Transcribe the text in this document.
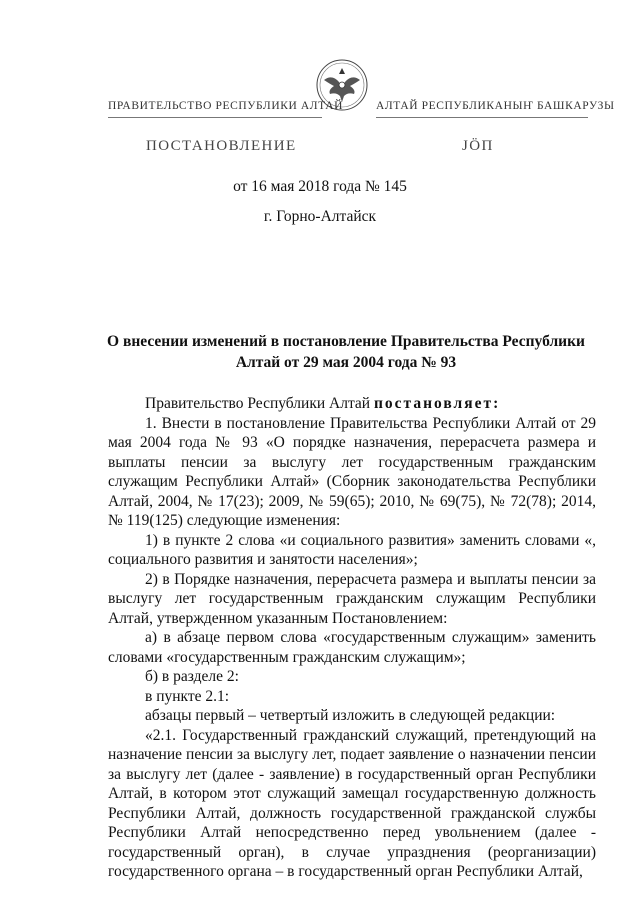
ПРАВИТЕЛЬСТВО РЕСПУБЛИКИ АЛТАЙ	АЛТАЙ РЕСПУБЛИКАНЫҤ БАШКАРУЗЫ
ПОСТАНОВЛЕНИЕ	ЈӦП
от 16 мая 2018 года № 145
г. Горно-Алтайск
О внесении изменений в постановление Правительства Республики Алтай от 29 мая 2004 года № 93

Правительство Республики Алтай постановляет:

1. Внести в постановление Правительства Республики Алтай от 29 мая 2004 года № 93 «О порядке назначения, перерасчета размера и выплаты пенсии за выслугу лет государственным гражданским служащим Республики Алтай» (Сборник законодательства Республики Алтай, 2004, № 17(23); 2009, № 59(65); 2010, № 69(75), № 72(78); 2014, № 119(125) следующие изменения:

1) в пункте 2 слова «и социального развития» заменить словами «, социального развития и занятости населения»;

2) в Порядке назначения, перерасчета размера и выплаты пенсии за выслугу лет государственным гражданским служащим Республики Алтай, утвержденном указанным Постановлением:

а) в абзаце первом слова «государственным служащим» заменить словами «государственным гражданским служащим»;

б) в разделе 2:

в пункте 2.1:

абзацы первый – четвертый изложить в следующей редакции:

«2.1. Государственный гражданский служащий, претендующий на назначение пенсии за выслугу лет, подает заявление о назначении пенсии за выслугу лет (далее - заявление) в государственный орган Республики Алтай, в котором этот служащий замещал государственную должность Республики Алтай, должность государственной гражданской службы Республики Алтай непосредственно перед увольнением (далее - государственный орган), в случае упразднения (реорганизации) государственного органа – в государственный орган Республики Алтай,
